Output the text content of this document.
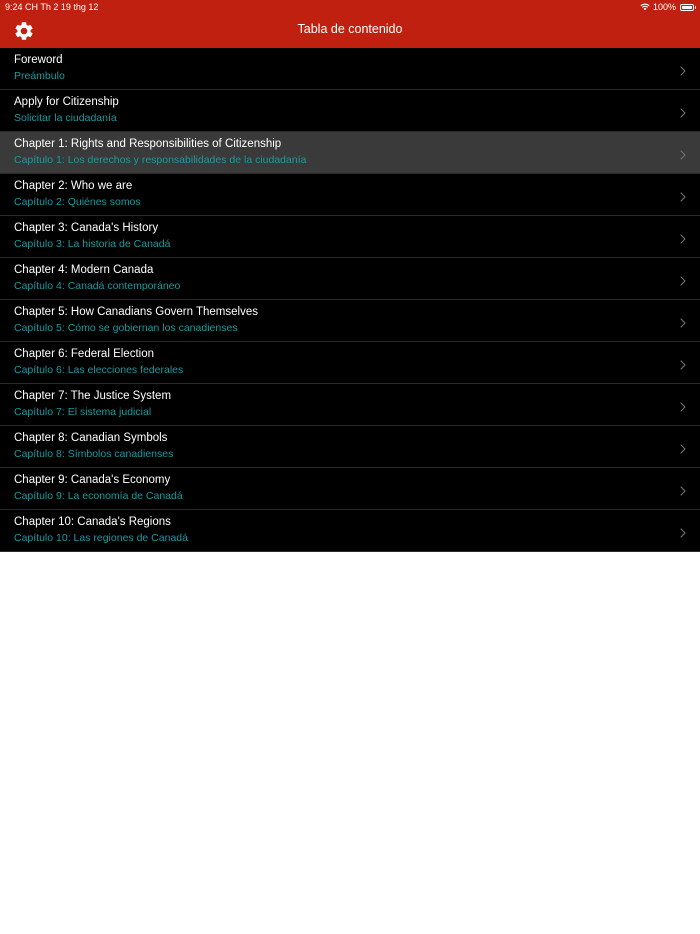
9:24 CH Th 2 19 thg 12	100%
Tabla de contenido
Foreword
Preámbulo
Apply for Citizenship
Solicitar la ciudadanía
Chapter 1: Rights and Responsibilities of Citizenship
Capítulo 1: Los derechos y responsabilidades de la ciudadanía
Chapter 2: Who we are
Capítulo 2: Quiénes somos
Chapter 3: Canada's History
Capítulo 3: La historia de Canadá
Chapter 4: Modern Canada
Capítulo 4: Canadá contemporáneo
Chapter 5: How Canadians Govern Themselves
Capítulo 5: Cómo se gobiernan los canadienses
Chapter 6: Federal Election
Capítulo 6: Las elecciones federales
Chapter 7: The Justice System
Capítulo 7: El sistema judicial
Chapter 8: Canadian Symbols
Capítulo 8: Símbolos canadienses
Chapter 9: Canada's Economy
Capítulo 9: La economía de Canadá
Chapter 10: Canada's Regions
Capítulo 10: Las regiones de Canadá
